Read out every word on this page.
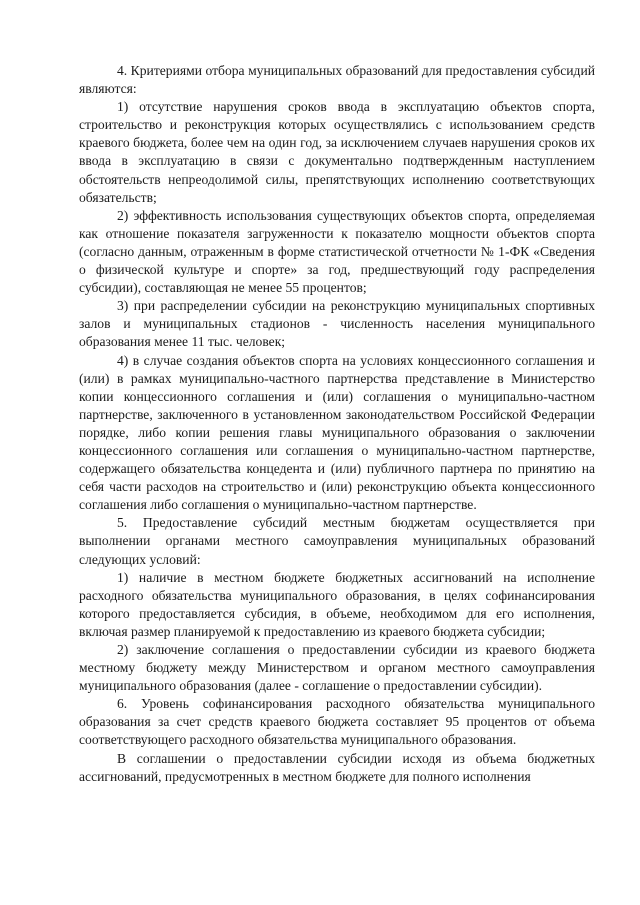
4. Критериями отбора муниципальных образований для предоставления субсидий являются:

1) отсутствие нарушения сроков ввода в эксплуатацию объектов спорта, строительство и реконструкция которых осуществлялись с использованием средств краевого бюджета, более чем на один год, за исключением случаев нарушения сроков их ввода в эксплуатацию в связи с документально подтвержденным наступлением обстоятельств непреодолимой силы, препятствующих исполнению соответствующих обязательств;

2) эффективность использования существующих объектов спорта, определяемая как отношение показателя загруженности к показателю мощности объектов спорта (согласно данным, отраженным в форме статистической отчетности № 1-ФК «Сведения о физической культуре и спорте» за год, предшествующий году распределения субсидии), составляющая не менее 55 процентов;

3) при распределении субсидии на реконструкцию муниципальных спортивных залов и муниципальных стадионов - численность населения муниципального образования менее 11 тыс. человек;

4) в случае создания объектов спорта на условиях концессионного соглашения и (или) в рамках муниципально-частного партнерства представление в Министерство копии концессионного соглашения и (или) соглашения о муниципально-частном партнерстве, заключенного в установленном законодательством Российской Федерации порядке, либо копии решения главы муниципального образования о заключении концессионного соглашения или соглашения о муниципально-частном партнерстве, содержащего обязательства концедента и (или) публичного партнера по принятию на себя части расходов на строительство и (или) реконструкцию объекта концессионного соглашения либо соглашения о муниципально-частном партнерстве.

5. Предоставление субсидий местным бюджетам осуществляется при выполнении органами местного самоуправления муниципальных образований следующих условий:

1) наличие в местном бюджете бюджетных ассигнований на исполнение расходного обязательства муниципального образования, в целях софинансирования которого предоставляется субсидия, в объеме, необходимом для его исполнения, включая размер планируемой к предоставлению из краевого бюджета субсидии;

2) заключение соглашения о предоставлении субсидии из краевого бюджета местному бюджету между Министерством и органом местного самоуправления муниципального образования (далее - соглашение о предоставлении субсидии).

6. Уровень софинансирования расходного обязательства муниципального образования за счет средств краевого бюджета составляет 95 процентов от объема соответствующего расходного обязательства муниципального образования.

В соглашении о предоставлении субсидии исходя из объема бюджетных ассигнований, предусмотренных в местном бюджете для полного исполнения
